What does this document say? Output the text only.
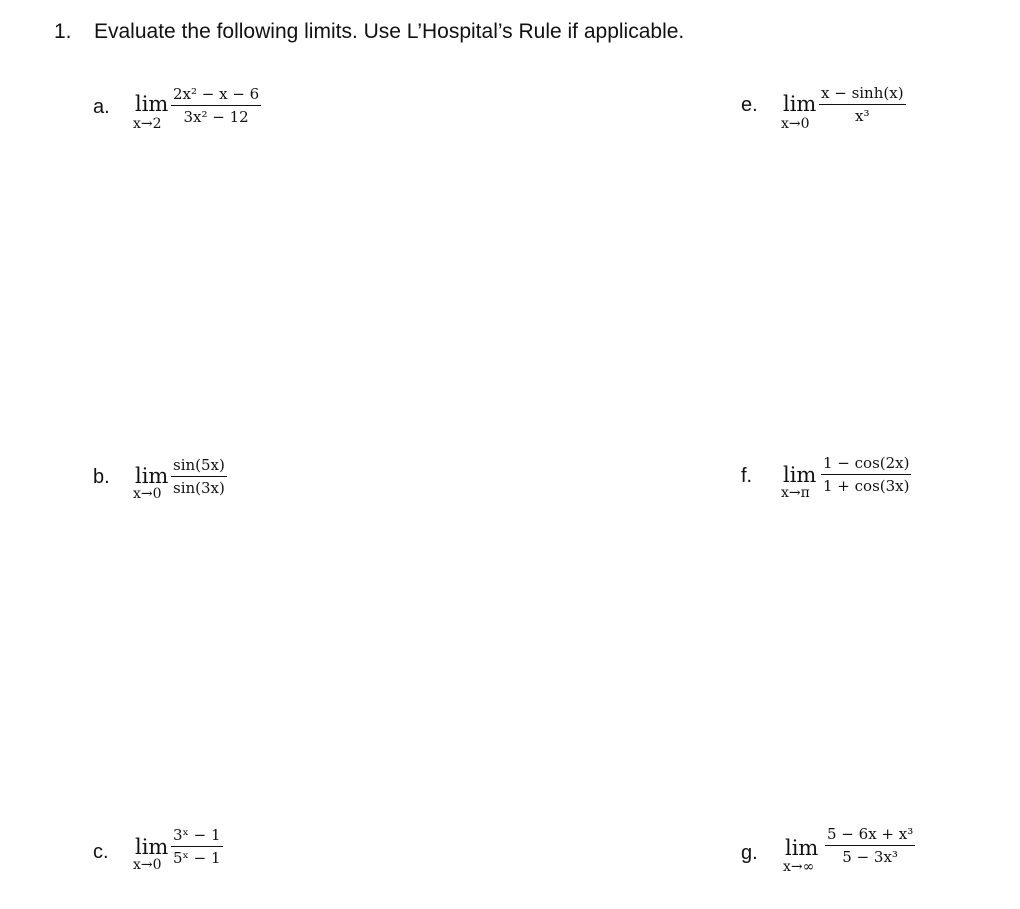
1. Evaluate the following limits. Use L’Hospital’s Rule if applicable.
a. lim
x→2
2x² − x − 6
3x² − 12
b. lim
x→0
sin(5x)
sin(3x)
c. lim
x→0
3ˣ − 1
5ˣ − 1
e. lim
x→0
x − sinh(x)
x³
f. lim
x→π
1 − cos(2x)
1 + cos(3x)
g. lim
x→∞
5 − 6x + x³
5 − 3x³
